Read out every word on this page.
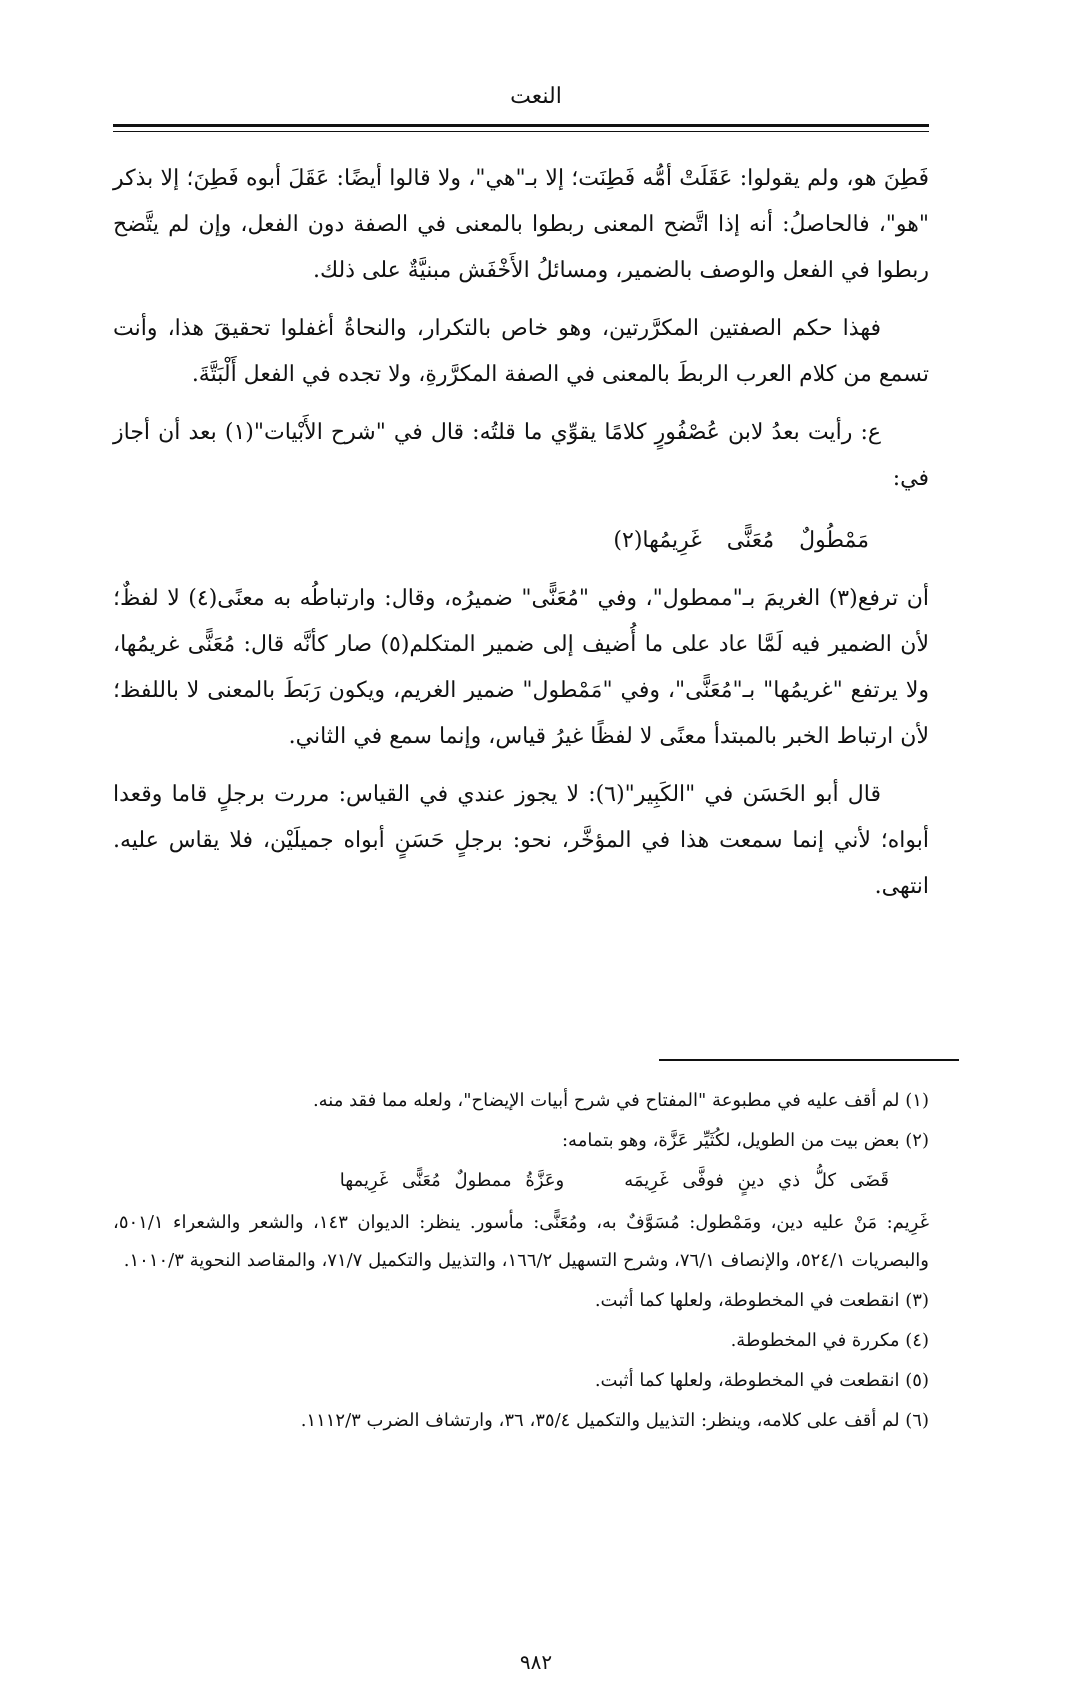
النعت

فَطِنَ هو، ولم يقولوا: عَقَلَتْ أمُّه فَطِنَت؛ إلا بـ"هي"، ولا قالوا أيضًا: عَقَلَ أبوه فَطِنَ؛ إلا بذكر "هو"، فالحاصلُ: أنه إذا اتَّضح المعنى ربطوا بالمعنى في الصفة دون الفعل، وإن لم يتَّضح ربطوا في الفعل والوصف بالضمير، ومسائلُ الأَخْفَش مبنيَّةٌ على ذلك.

فهذا حكم الصفتين المكرَّرتين، وهو خاص بالتكرار، والنحاةُ أغفلوا تحقيقَ هذا، وأنت تسمع من كلام العرب الربطَ بالمعنى في الصفة المكرَّرةِ، ولا تجده في الفعل أَلْبَتَّةَ.

ع: رأيت بعدُ لابن عُصْفُورٍ كلامًا يقوِّي ما قلتُه: قال في "شرح الأَبْيات"(١) بعد أن أجاز في:

مَمْطُولٌ مُعَنًّى غَرِيمُها(٢)

أن ترفع(٣) الغريمَ بـ"ممطول"، وفي "مُعَنًّى" ضميرُه، وقال: وارتباطُه به معنًى(٤) لا لفظٌ؛ لأن الضمير فيه لَمَّا عاد على ما أُضيف إلى ضمير المتكلم(٥) صار كأنَّه قال: مُعَنًّى غريمُها، ولا يرتفع "غريمُها" بـ"مُعَنًّى"، وفي "مَمْطول" ضمير الغريم، ويكون رَبَطَ بالمعنى لا باللفظ؛ لأن ارتباط الخبر بالمبتدأ معنًى لا لفظًا غيرُ قياس، وإنما سمع في الثاني.

قال أبو الحَسَن في "الكَبِير"(٦): لا يجوز عندي في القياس: مررت برجلٍ قاما وقعدا أبواه؛ لأني إنما سمعت هذا في المؤخَّر، نحو: برجلٍ حَسَنٍ أبواه جميلَيْن، فلا يقاس عليه. انتهى.

(١) لم أقف عليه في مطبوعة "المفتاح في شرح أبيات الإيضاح"، ولعله مما فقد منه.

(٢) بعض بيت من الطويل، لكُثَيِّر عَزَّة، وهو بتمامه:

قَضَى كلُّ ذي دينٍ فوفَّى غَرِيمَهوعَزَّةُ ممطولٌ مُعَنًّى غَرِيمها

غَرِيم: مَنْ عليه دين، ومَمْطول: مُسَوَّفٌ به، ومُعَنًّى: مأسور. ينظر: الديوان ١٤٣، والشعر والشعراء ٥٠١/١، والبصريات ٥٢٤/١، والإنصاف ٧٦/١، وشرح التسهيل ١٦٦/٢، والتذييل والتكميل ٧١/٧، والمقاصد النحوية ١٠١٠/٣.

(٣) انقطعت في المخطوطة، ولعلها كما أثبت.

(٤) مكررة في المخطوطة.

(٥) انقطعت في المخطوطة، ولعلها كما أثبت.

(٦) لم أقف على كلامه، وينظر: التذييل والتكميل ٣٥/٤، ٣٦، وارتشاف الضرب ١١١٢/٣.

٩٨٢
